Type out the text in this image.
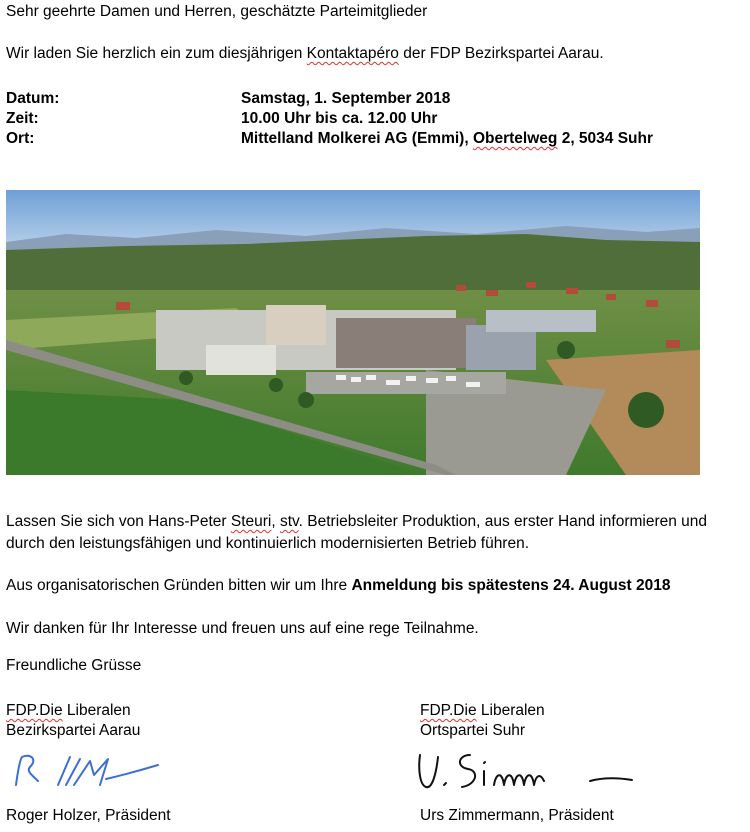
Sehr geehrte Damen und Herren, geschätzte Parteimitglieder
Wir laden Sie herzlich ein zum diesjährigen Kontaktapéro der FDP Bezirkspartei Aarau.
Datum:	Samstag, 1. September 2018
Zeit:	10.00 Uhr bis ca. 12.00 Uhr
Ort:	Mittelland Molkerei AG (Emmi), Obertelweg 2, 5034 Suhr
Lassen Sie sich von Hans-Peter Steuri, stv. Betriebsleiter Produktion, aus erster Hand informieren und
durch den leistungsfähigen und kontinuierlich modernisierten Betrieb führen.
Aus organisatorischen Gründen bitten wir um Ihre Anmeldung bis spätestens 24. August 2018
Wir danken für Ihr Interesse und freuen uns auf eine rege Teilnahme.
Freundliche Grüsse
FDP.Die Liberalen
Bezirkspartei Aarau
Roger Holzer, Präsident
FDP.Die Liberalen
Ortspartei Suhr
Urs Zimmermann, Präsident
